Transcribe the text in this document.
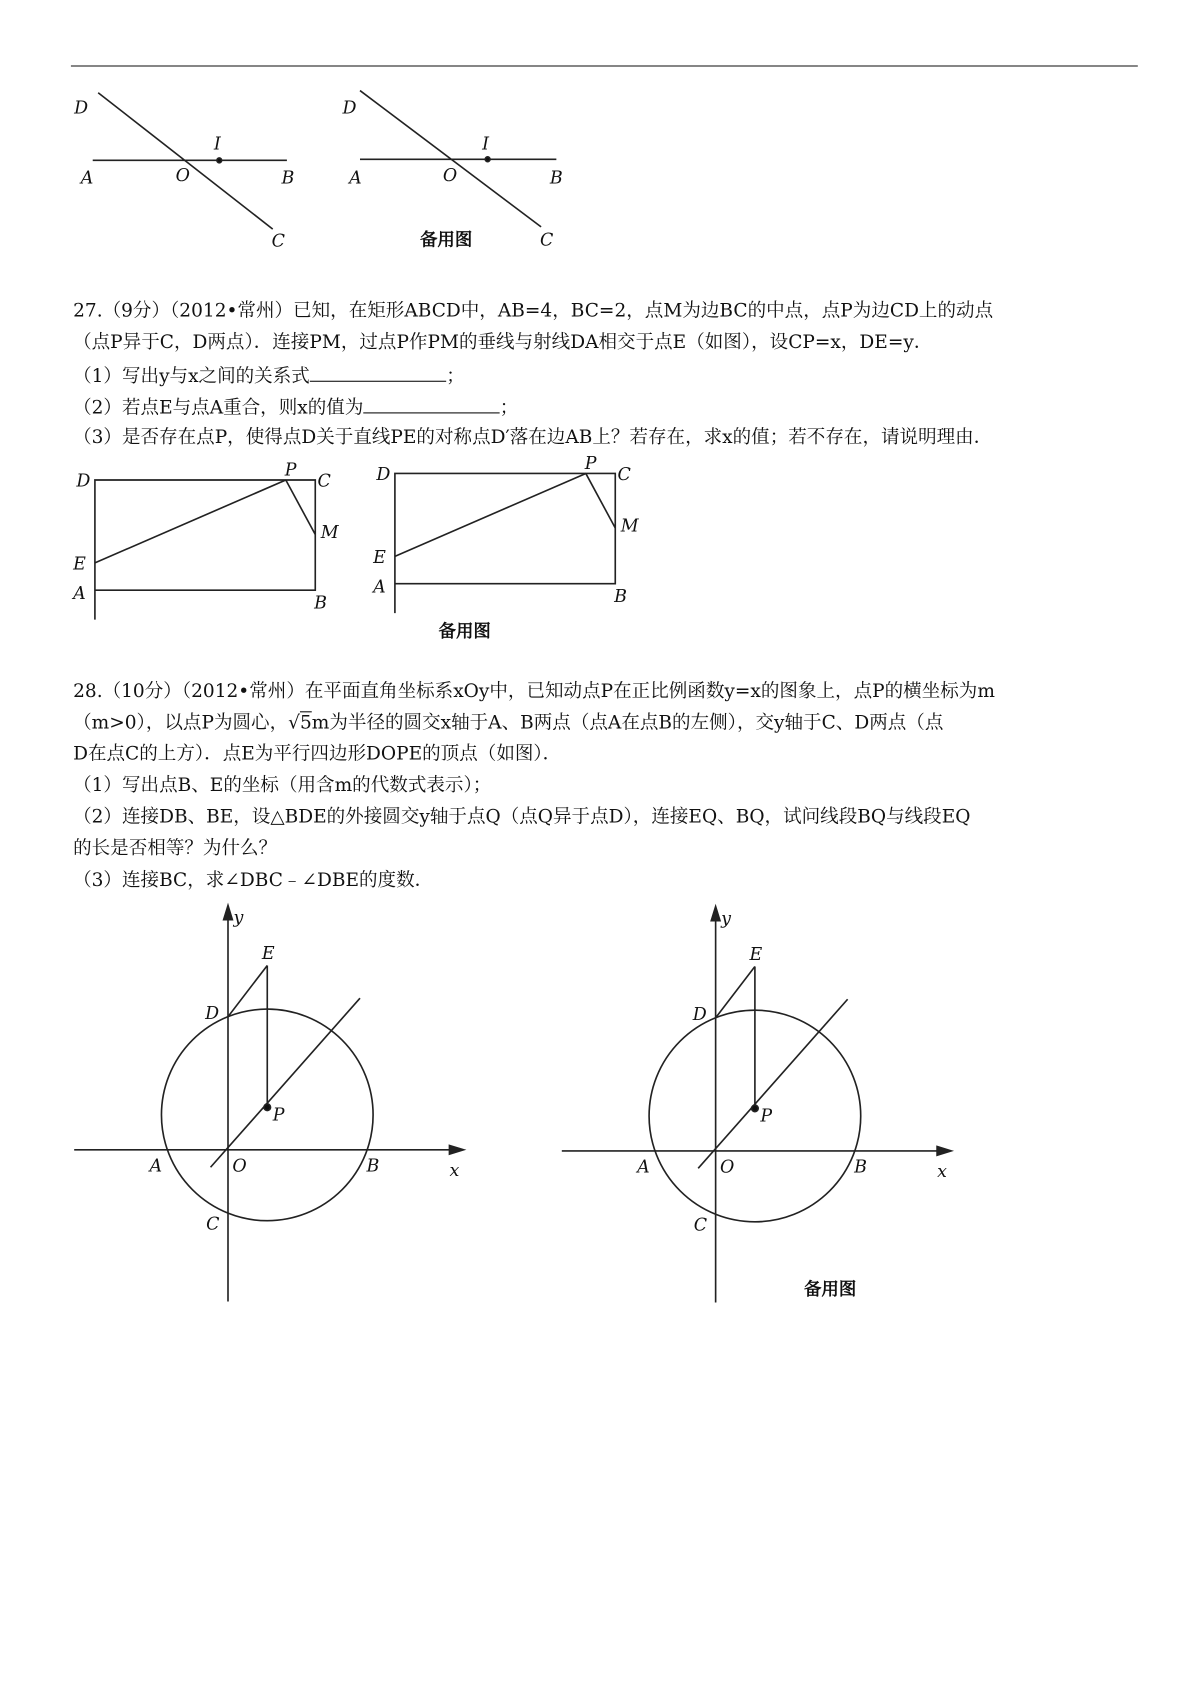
D
I
A	O	B
C
D
I
A	O	B
C
备用图
D
P
C
M
E
A	B
D
P
C
M
E
A	B
备用图
y
E
D
P
A	O	B	x
C
y
E
D
P
A	O	B	x
C
备用图
27.（9分）（2012•常州）已知，在矩形ABCD中，AB=4，BC=2，点M为边BC的中点，点P为边CD上的动点
（点P异于C，D两点）．连接PM，过点P作PM的垂线与射线DA相交于点E（如图），设CP=x，DE=y．
（1）写出y与x之间的关系式	；
（2）若点E与点A重合，则x的值为	；
（3）是否存在点P，使得点D关于直线PE的对称点D′落在边AB上？若存在，求x的值；若不存在，请说明理由．
28.（10分）（2012•常州）在平面直角坐标系xOy中，已知动点P在正比例函数y=x的图象上，点P的横坐标为m
（m>0），以点P为圆心，√5m为半径的圆交x轴于A、B两点（点A在点B的左侧），交y轴于C、D两点（点
D在点C的上方）．点E为平行四边形DOPE的顶点（如图）．
（1）写出点B、E的坐标（用含m的代数式表示）；
（2）连接DB、BE，设△BDE的外接圆交y轴于点Q（点Q异于点D），连接EQ、BQ，试问线段BQ与线段EQ
的长是否相等？为什么？
（3）连接BC，求∠DBC﹣∠DBE的度数．
